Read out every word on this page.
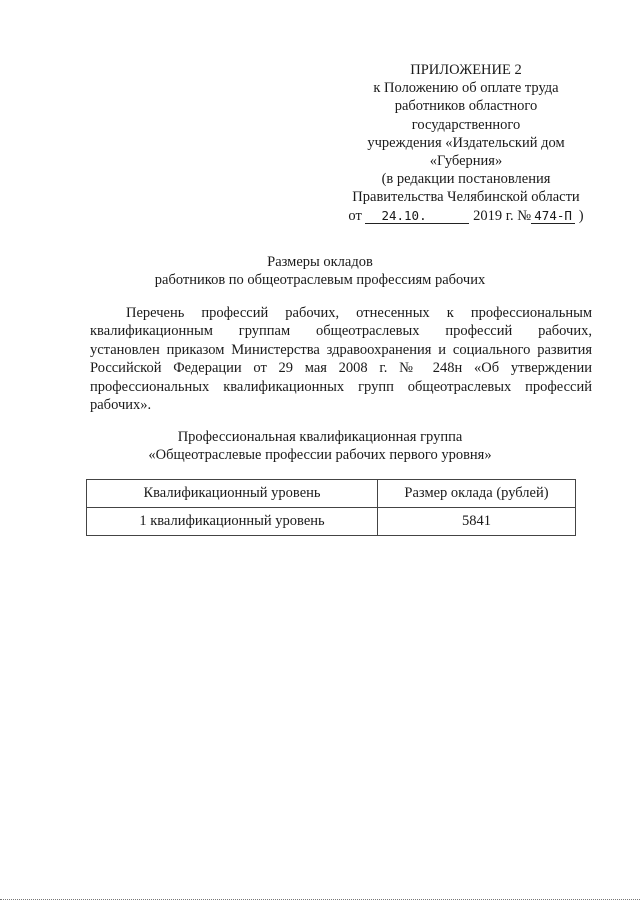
ПРИЛОЖЕНИЕ 2
к Положению об оплате труда
работников областного
государственного
учреждения «Издательский дом
«Губерния»
(в редакции постановления
Правительства Челябинской области
от 24.10.	2019 г. № 474-П )
Размеры окладов
работников по общеотраслевым профессиям рабочих
Перечень профессий рабочих, отнесенных к профессиональным
квалификационным группам общеотраслевых профессий рабочих,
установлен приказом Министерства здравоохранения и социального развития
Российской Федерации от 29 мая 2008 г. № 248н «Об утверждении
профессиональных квалификационных групп общеотраслевых профессий
рабочих».
Профессиональная квалификационная группа
«Общеотраслевые профессии рабочих первого уровня»
Квалификационный уровень	Размер оклада (рублей)
1 квалификационный уровень	5841
